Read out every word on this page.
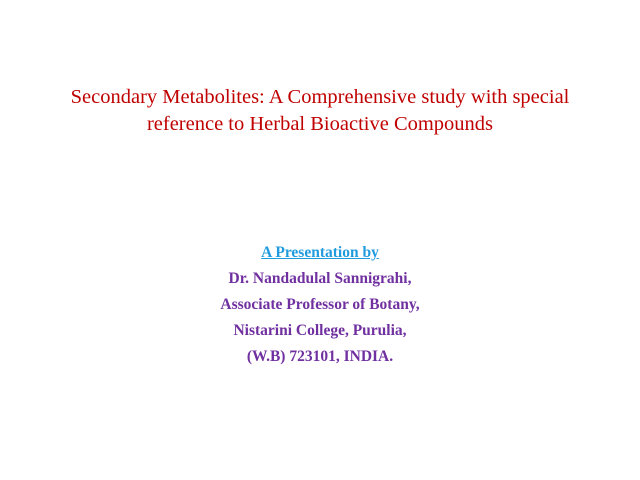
Secondary Metabolites: A Comprehensive study with special
reference to Herbal Bioactive Compounds
A Presentation by
Dr. Nandadulal Sannigrahi,
Associate Professor of Botany,
Nistarini College, Purulia,
(W.B) 723101, INDIA.
